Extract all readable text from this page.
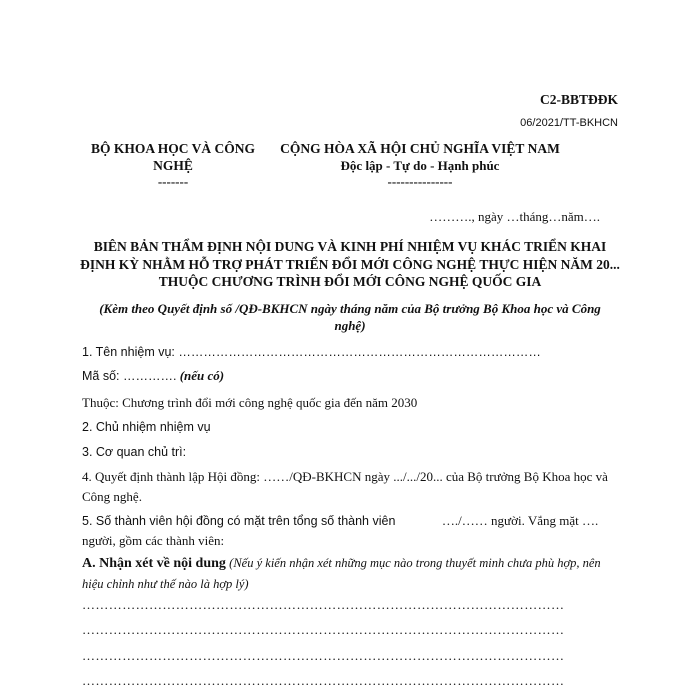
C2-BBTĐĐK
06/2021/TT-BKHCN
BỘ KHOA HỌC VÀ CÔNG NGHỆ
-------
CỘNG HÒA XÃ HỘI CHỦ NGHĨA VIỆT NAM
Độc lập - Tự do - Hạnh phúc
---------------
………., ngày …tháng…năm….
BIÊN BẢN THẨM ĐỊNH NỘI DUNG VÀ KINH PHÍ NHIỆM VỤ KHÁC TRIỂN KHAI ĐỊNH KỲ NHẰM HỖ TRỢ PHÁT TRIỂN ĐỔI MỚI CÔNG NGHỆ THỰC HIỆN NĂM 20... THUỘC CHƯƠNG TRÌNH ĐỔI MỚI CÔNG NGHỆ QUỐC GIA
(Kèm theo Quyết định số /QĐ-BKHCN ngày tháng năm của Bộ trưởng Bộ Khoa học và Công nghệ)
1. Tên nhiệm vụ: ……………………………………………………………………………
Mã số: …………. (nếu có)
Thuộc: Chương trình đổi mới công nghệ quốc gia đến năm 2030
2. Chủ nhiệm nhiệm vụ
3. Cơ quan chủ trì:
4. Quyết định thành lập Hội đồng: ……/QĐ-BKHCN ngày .../.../20... của Bộ trưởng Bộ Khoa học và Công nghệ.
5. Số thành viên hội đồng có mặt trên tổng số thành viên	…./…… người. Vắng mặt ….
người, gồm các thành viên:
A. Nhận xét về nội dung (Nếu ý kiến nhận xét những mục nào trong thuyết minh chưa phù hợp, nên hiệu chỉnh như thế nào là hợp lý)
………………………………………………………………………………………………
………………………………………………………………………………………………
………………………………………………………………………………………………
………………………………………………………………………………………………
